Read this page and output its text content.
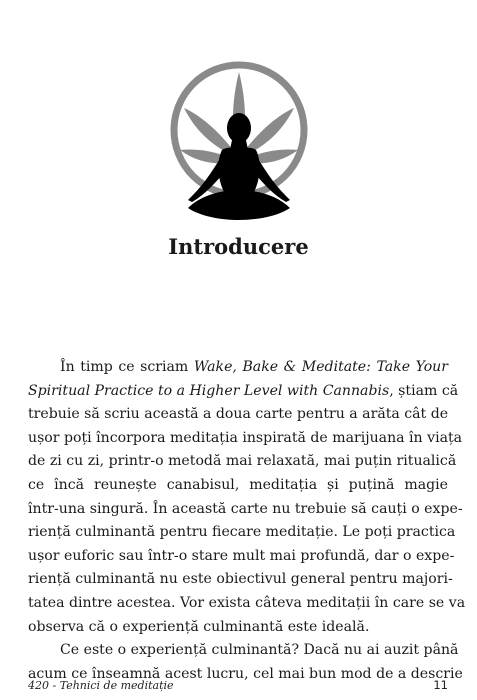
Introducere

În timp ce scriam Wake, Bake & Meditate: Take Your
Spiritual Practice to a Higher Level with Cannabis, știam că
trebuie să scriu această a doua carte pentru a arăta cât de
ușor poți încorpora meditația inspirată de marijuana în viața
de zi cu zi, printr-o metodă mai relaxată, mai puțin ritualică
ce încă reunește canabisul, meditația și puțină magie
într-una singură. În această carte nu trebuie să cauți o expe-
riență culminantă pentru fiecare meditație. Le poți practica
ușor euforic sau într-o stare mult mai profundă, dar o expe-
riență culminantă nu este obiectivul general pentru majori-
tatea dintre acestea. Vor exista câteva meditații în care se va
observa că o experiență culminantă este ideală.

Ce este o experiență culminantă? Dacă nu ai auzit până
acum ce înseamnă acest lucru, cel mai bun mod de a descrie

420 - Tehnici de meditație	11
